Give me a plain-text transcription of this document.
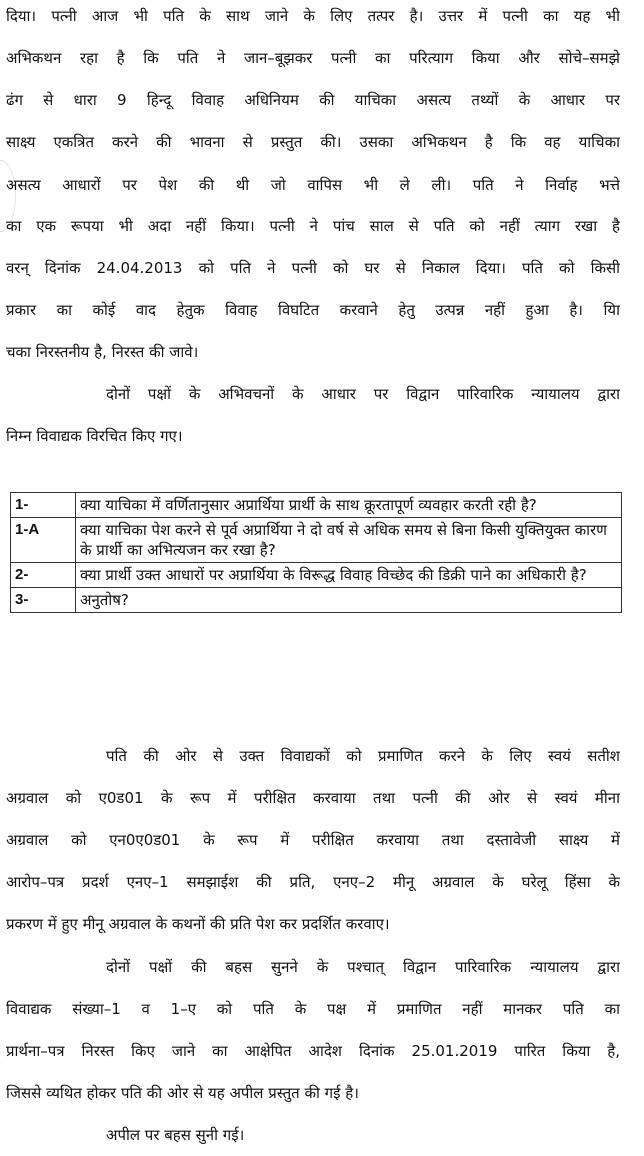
दिया। पत्नी आज भी पति के साथ जाने के लिए तत्पर है। उत्तर में पत्नी का यह भी
अभिकथन रहा है कि पति ने जान–बूझकर पत्नी का परित्याग किया और सोचे–समझे
ढंग से धारा 9 हिन्दू विवाह अधिनियम की याचिका असत्य तथ्यों के आधार पर
साक्ष्य एकत्रित करने की भावना से प्रस्तुत की। उसका अभिकथन है कि वह याचिका
असत्य आधारों पर पेश की थी जो वापिस भी ले ली। पति ने निर्वाह भत्ते
का एक रूपया भी अदा नहीं किया। पत्नी ने पांच साल से पति को नहीं त्याग रखा है
वरन् दिनांक 24.04.2013 को पति ने पत्नी को घर से निकाल दिया। पति को किसी
प्रकार का कोई वाद हेतुक विवाह विघटित करवाने हेतु उत्पन्न नहीं हुआ है। याि
चका निरस्तनीय है, निरस्त की जावे।
दोनों पक्षों के अभिवचनों के आधार पर विद्वान पारिवारिक न्यायालय द्वारा
निम्न विवाद्यक विरचित किए गए।
1-	क्या याचिका में वर्णितानुसार अप्रार्थिया प्रार्थी के साथ क्रूरतापूर्ण व्यवहार करती रही है?
1-A	क्या याचिका पेश करने से पूर्व अप्रार्थिया ने दो वर्ष से अधिक समय से बिना किसी युक्तियुक्त कारण के प्रार्थी का अभित्यजन कर रखा है?
2-	क्या प्रार्थी उक्त आधारों पर अप्रार्थिया के विरूद्ध विवाह विच्छेद की डिक्री पाने का अधिकारी है?
3-	अनुतोष?
पति की ओर से उक्त विवाद्यकों को प्रमाणित करने के लिए स्वयं सतीश
अग्रवाल को ए0ड01 के रूप में परीक्षित करवाया तथा पत्नी की ओर से स्वयं मीना
अग्रवाल को एन0ए0ड01 के रूप में परीक्षित करवाया तथा दस्तावेजी साक्ष्य में
आरोप–पत्र प्रदर्श एनए–1 समझाईश की प्रति, एनए–2 मीनू अग्रवाल के घरेलू हिंसा के
प्रकरण में हुए मीनू अग्रवाल के कथनों की प्रति पेश कर प्रदर्शित करवाए।
दोनों पक्षों की बहस सुनने के पश्चात् विद्वान पारिवारिक न्यायालय द्वारा
विवाद्यक संख्या–1 व 1–ए को पति के पक्ष में प्रमाणित नहीं मानकर पति का
प्रार्थना–पत्र निरस्त किए जाने का आक्षेपित आदेश दिनांक 25.01.2019 पारित किया है,
जिससे व्यथित होकर पति की ओर से यह अपील प्रस्तुत की गई है।
अपील पर बहस सुनी गई।
